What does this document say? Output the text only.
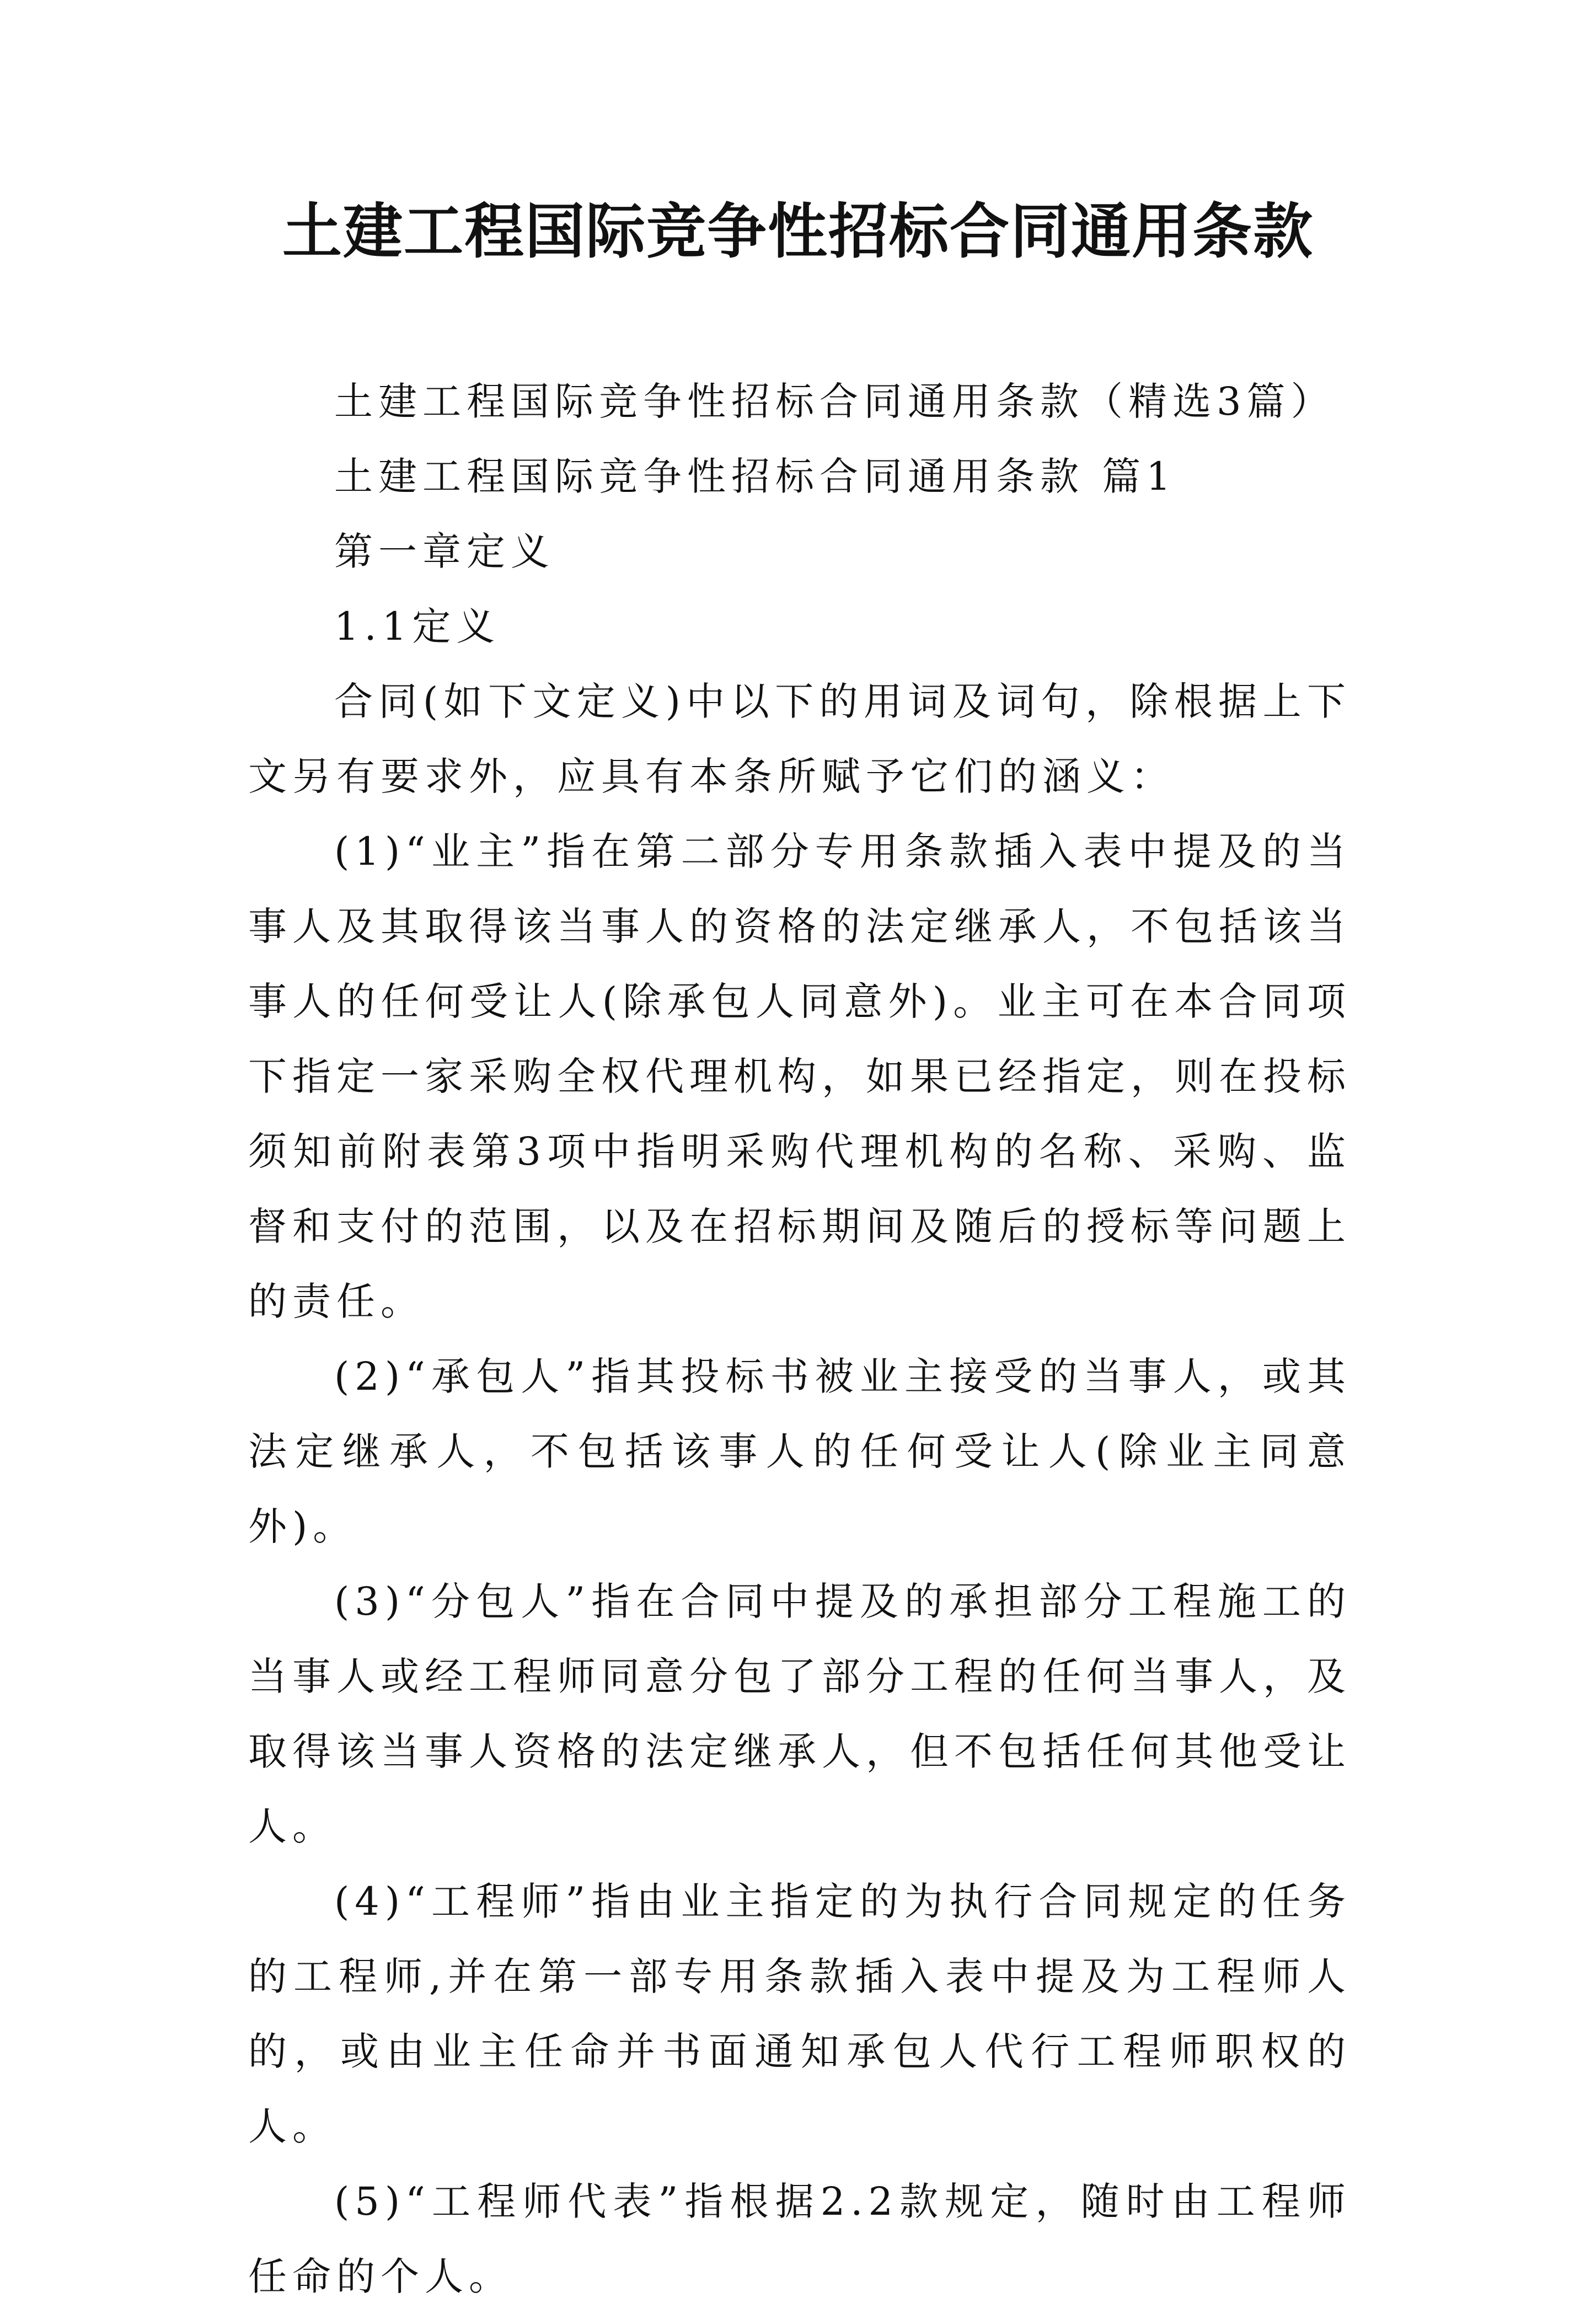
土建工程国际竞争性招标合同通用条款

土建工程国际竞争性招标合同通用条款（精选3篇）

土建工程国际竞争性招标合同通用条款 篇1

第一章定义

1.1定义

合同(如下文定义)中以下的用词及词句，除根据上下文另有要求外，应具有本条所赋予它们的涵义：

(1)“业主”指在第二部分专用条款插入表中提及的当事人及其取得该当事人的资格的法定继承人，不包括该当事人的任何受让人(除承包人同意外)。业主可在本合同项下指定一家采购全权代理机构，如果已经指定，则在投标须知前附表第3项中指明采购代理机构的名称、采购、监督和支付的范围，以及在招标期间及随后的授标等问题上的责任。

(2)“承包人”指其投标书被业主接受的当事人，或其法定继承人，不包括该事人的任何受让人(除业主同意外)。

(3)“分包人”指在合同中提及的承担部分工程施工的当事人或经工程师同意分包了部分工程的任何当事人，及取得该当事人资格的法定继承人，但不包括任何其他受让人。

(4)“工程师”指由业主指定的为执行合同规定的任务的工程师,并在第一部专用条款插入表中提及为工程师人的，或由业主任命并书面通知承包人代行工程师职权的人。

(5)“工程师代表”指根据2.2款规定，随时由工程师任命的个人。
